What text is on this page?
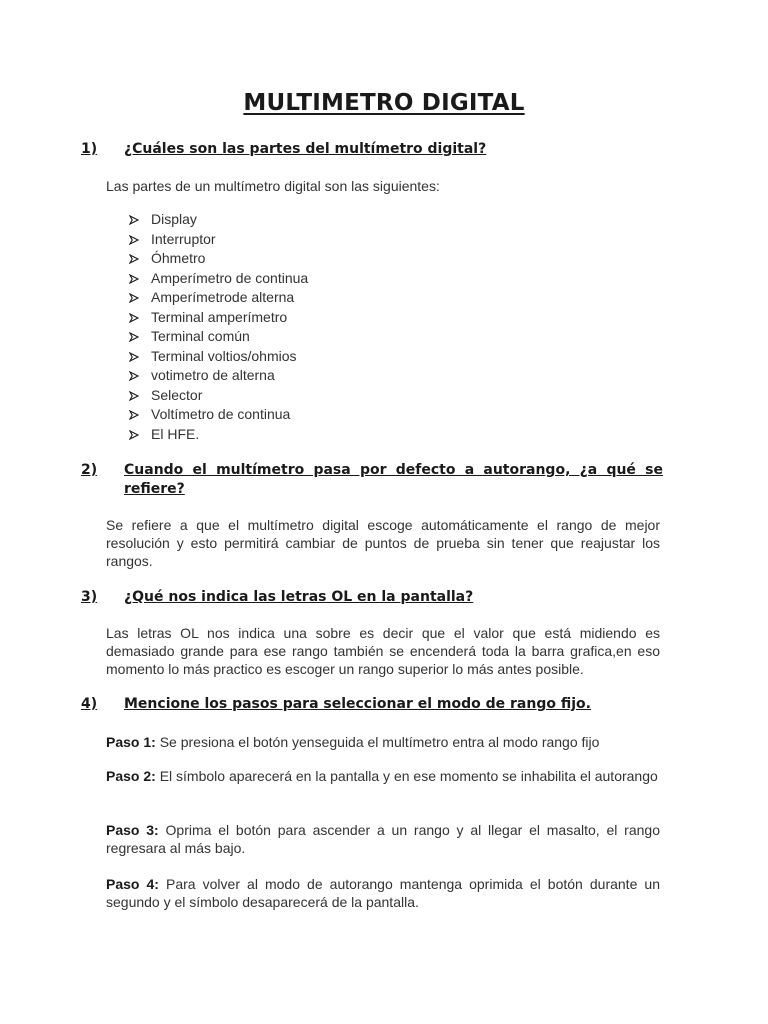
MULTIMETRO DIGITAL
1) ¿Cuáles son las partes del multímetro digital?

Las partes de un multímetro digital son las siguientes:

Display
Interruptor
Óhmetro
Amperímetro de continua
Amperímetrode alterna
Terminal amperímetro
Terminal común
Terminal voltios/ohmios
votimetro de alterna
Selector
Voltímetro de continua
El HFE.
2) Cuando el multímetro pasa por defecto a autorango, ¿a qué se refiere?

Se refiere a que el multímetro digital escoge automáticamente el rango de mejor resolución y esto permitirá cambiar de puntos de prueba sin tener que reajustar los rangos.

3) ¿Qué nos indica las letras OL en la pantalla?

Las letras OL nos indica una sobre es decir que el valor que está midiendo es demasiado grande para ese rango también se encenderá toda la barra grafica,en eso momento lo más practico es escoger un rango superior lo más antes posible.

4) Mencione los pasos para seleccionar el modo de rango fijo.

Paso 1: Se presiona el botón yenseguida el multímetro entra al modo rango fijo

Paso 2: El símbolo aparecerá en la pantalla y en ese momento se inhabilita el autorango

Paso 3: Oprima el botón para ascender a un rango y al llegar el masalto, el rango regresara al más bajo.

Paso 4: Para volver al modo de autorango mantenga oprimida el botón durante un segundo y el símbolo desaparecerá de la pantalla.
